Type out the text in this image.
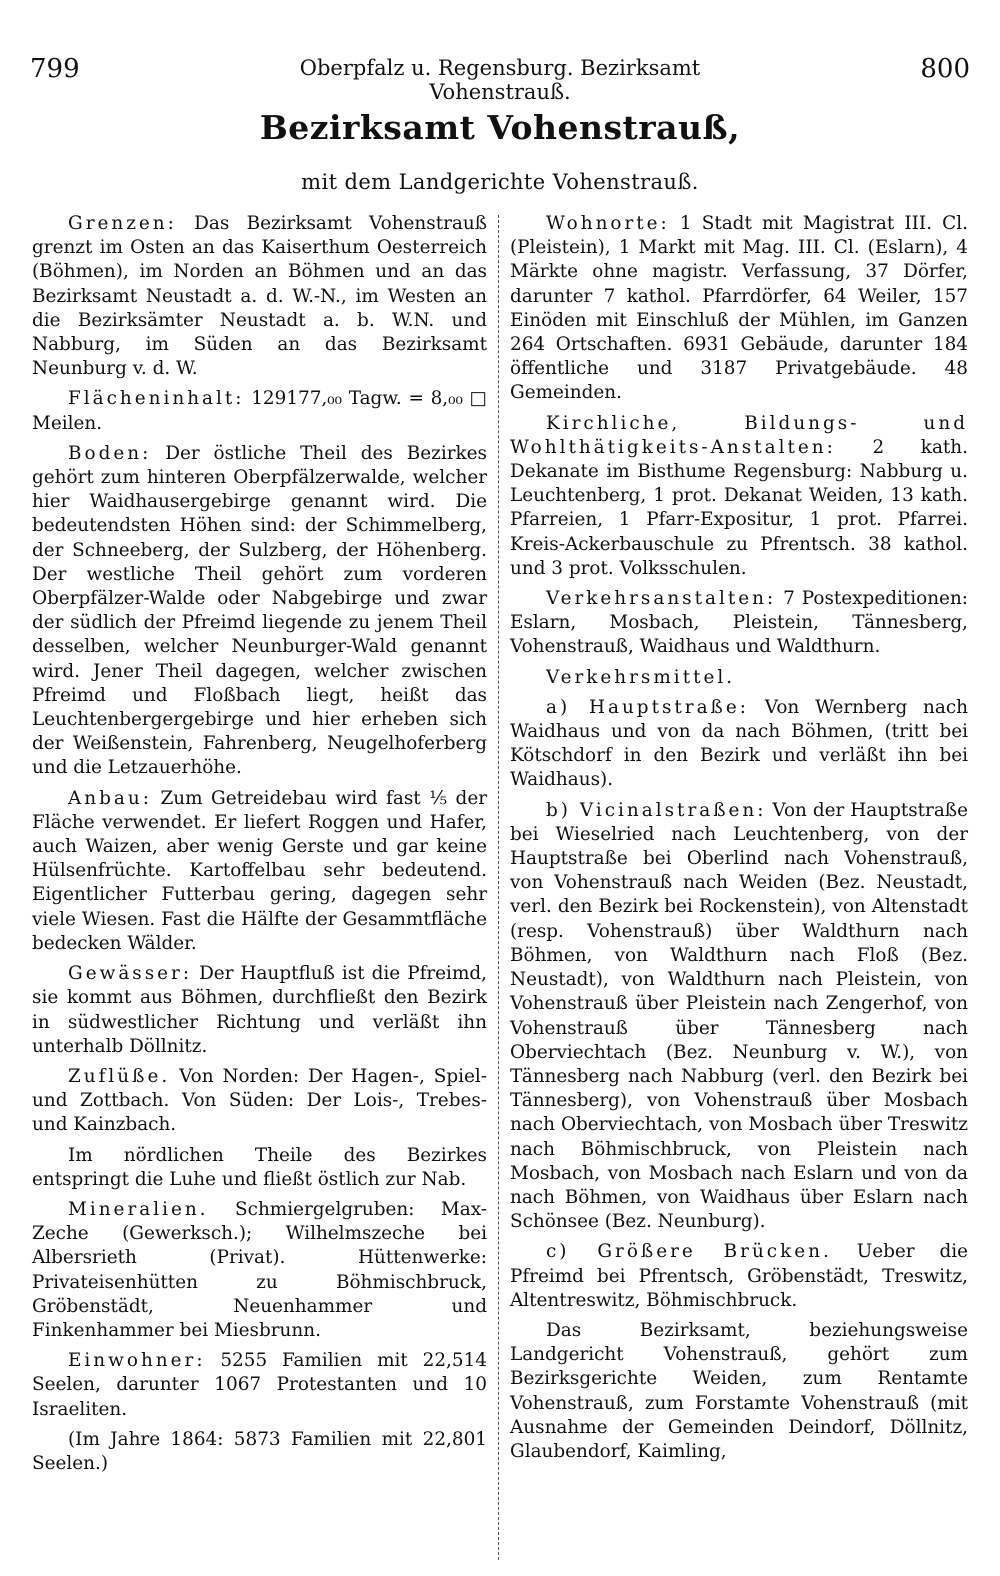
799	Oberpfalz u. Regensburg. Bezirksamt Vohenstrauß.
800
Bezirksamt Vohenstrauß,
mit dem Landgerichte Vohenstrauß.

Grenzen: Das Bezirksamt Vohenstrauß grenzt im Osten an das Kaiserthum Oesterreich (Böhmen), im Norden an Böhmen und an das Bezirksamt Neustadt a. d. W.-N., im Westen an die Bezirksämter Neustadt a. b. W.N. und Nabburg, im Süden an das Bezirksamt Neunburg v. d. W.

Flächeninhalt: 129177,₀₀ Tagw. = 8,₀₀ □ Meilen.

Boden: Der östliche Theil des Bezirkes gehört zum hinteren Oberpfälzerwalde, welcher hier Waidhausergebirge genannt wird. Die bedeutendsten Höhen sind: der Schimmelberg, der Schneeberg, der Sulzberg, der Höhenberg. Der westliche Theil gehört zum vorderen Oberpfälzer-Walde oder Nabgebirge und zwar der südlich der Pfreimd liegende zu jenem Theil desselben, welcher Neunburger-Wald genannt wird. Jener Theil dagegen, welcher zwischen Pfreimd und Floßbach liegt, heißt das Leuchtenbergergebirge und hier erheben sich der Weißenstein, Fahrenberg, Neugelhoferberg und die Letzauerhöhe.

Anbau: Zum Getreidebau wird fast ⅕ der Fläche verwendet. Er liefert Roggen und Hafer, auch Waizen, aber wenig Gerste und gar keine Hülsenfrüchte. Kartoffelbau sehr bedeutend. Eigentlicher Futterbau gering, dagegen sehr viele Wiesen. Fast die Hälfte der Gesammtfläche bedecken Wälder.

Gewässer: Der Hauptfluß ist die Pfreimd, sie kommt aus Böhmen, durchfließt den Bezirk in südwestlicher Richtung und verläßt ihn unterhalb Döllnitz.

Zuflüße. Von Norden: Der Hagen-, Spiel- und Zottbach. Von Süden: Der Lois-, Trebes- und Kainzbach.

Im nördlichen Theile des Bezirkes entspringt die Luhe und fließt östlich zur Nab.

Mineralien. Schmiergelgruben: Max-Zeche (Gewerksch.); Wilhelmszeche bei Albersrieth (Privat). Hüttenwerke: Privateisenhütten zu Böhmischbruck, Gröbenstädt, Neuenhammer und Finkenhammer bei Miesbrunn.

Einwohner: 5255 Familien mit 22,514 Seelen, darunter 1067 Protestanten und 10 Israeliten.

(Im Jahre 1864: 5873 Familien mit 22,801 Seelen.)

Wohnorte: 1 Stadt mit Magistrat III. Cl. (Pleistein), 1 Markt mit Mag. III. Cl. (Eslarn), 4 Märkte ohne magistr. Verfassung, 37 Dörfer, darunter 7 kathol. Pfarrdörfer, 64 Weiler, 157 Einöden mit Einschluß der Mühlen, im Ganzen 264 Ortschaften. 6931 Gebäude, darunter 184 öffentliche und 3187 Privatgebäude. 48 Gemeinden.

Kirchliche, Bildungs- und Wohlthätigkeits-Anstalten: 2 kath. Dekanate im Bisthume Regensburg: Nabburg u. Leuchtenberg, 1 prot. Dekanat Weiden, 13 kath. Pfarreien, 1 Pfarr-Expositur, 1 prot. Pfarrei. Kreis-Ackerbauschule zu Pfrentsch. 38 kathol. und 3 prot. Volksschulen.

Verkehrsanstalten: 7 Postexpeditionen: Eslarn, Mosbach, Pleistein, Tännesberg, Vohenstrauß, Waidhaus und Waldthurn.

Verkehrsmittel.

a) Hauptstraße: Von Wernberg nach Waidhaus und von da nach Böhmen, (tritt bei Kötschdorf in den Bezirk und verläßt ihn bei Waidhaus).

b) Vicinalstraßen: Von der Hauptstraße bei Wieselried nach Leuchtenberg, von der Hauptstraße bei Oberlind nach Vohenstrauß, von Vohenstrauß nach Weiden (Bez. Neustadt, verl. den Bezirk bei Rockenstein), von Altenstadt (resp. Vohenstrauß) über Waldthurn nach Böhmen, von Waldthurn nach Floß (Bez. Neustadt), von Waldthurn nach Pleistein, von Vohenstrauß über Pleistein nach Zengerhof, von Vohenstrauß über Tännesberg nach Oberviechtach (Bez. Neunburg v. W.), von Tännesberg nach Nabburg (verl. den Bezirk bei Tännesberg), von Vohenstrauß über Mosbach nach Oberviechtach, von Mosbach über Treswitz nach Böhmischbruck, von Pleistein nach Mosbach, von Mosbach nach Eslarn und von da nach Böhmen, von Waidhaus über Eslarn nach Schönsee (Bez. Neunburg).

c) Größere Brücken. Ueber die Pfreimd bei Pfrentsch, Gröbenstädt, Treswitz, Altentreswitz, Böhmischbruck.

Das Bezirksamt, beziehungsweise Landgericht Vohenstrauß, gehört zum Bezirksgerichte Weiden, zum Rentamte Vohenstrauß, zum Forstamte Vohenstrauß (mit Ausnahme der Gemeinden Deindorf, Döllnitz, Glaubendorf, Kaimling,
